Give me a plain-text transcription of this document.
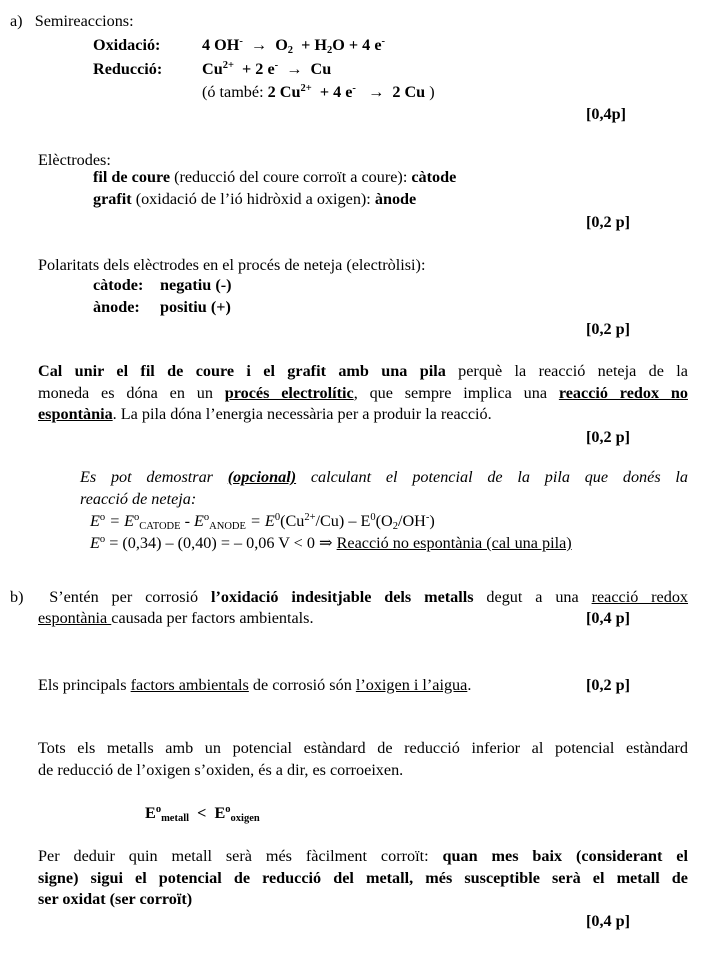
a) Semireaccions:
Oxidació:	4 $OH^- \to O_2 + H_2O + 4$ e-
Reducció: $Cu^{2+} + 2$ e- → Cu
(ó també: 2 $Cu^{2+} + 4$ e- → 2 Cu )
[0,4p]
Elèctrodes:
fil de coure (reducció del coure corroït a coure): càtode
grafit (oxidació de l’ió hidròxid a oxigen): ànode
[0,2 p]
Polaritats dels elèctrodes en el procés de neteja (electròlisi):
càtode: negatiu (-)
ànode: positiu (+)
[0,2 p]
Cal unir el fil de coure i el grafit amb una pila perquè la reacció neteja de la
moneda es dóna en un procés electrolític, que sempre implica una reacció redox no
espontània. La pila dóna l’energia necessària per a produir la reacció.
[0,2 p]
Es pot demostrar (opcional) calculant el potencial de la pila que donés la
reacció de neteja:
$E^o = E^o_{CATODE} - E^o_{ANODE} = E^0(Cu^{2+}/Cu) - E^0(O_2/OH^-)$
$E^o = (0,34) - (0,40)$ = – 0,06 V < 0 ⇒ Reacció no espontània (cal una pila)
b) S’entén per corrosió l’oxidació indesitjable dels metalls degut a una reacció redox
espontània causada per factors ambientals.	[0,4 p]
Els principals factors ambientals de corrosió són l’oxigen i l’aigua.	[0,2 p]
Tots els metalls amb un potencial estàndard de reducció inferior al potencial estàndard
de reducció de l’oxigen s’oxiden, és a dir, es corroeixen.
$E^o_{metall} < E^o_{oxigen}$
Per deduir quin metall serà més fàcilment corroït: quan mes baix (considerant el
signe) sigui el potencial de reducció del metall, més susceptible serà el metall de
ser oxidat (ser corroït)
[0,4 p]
